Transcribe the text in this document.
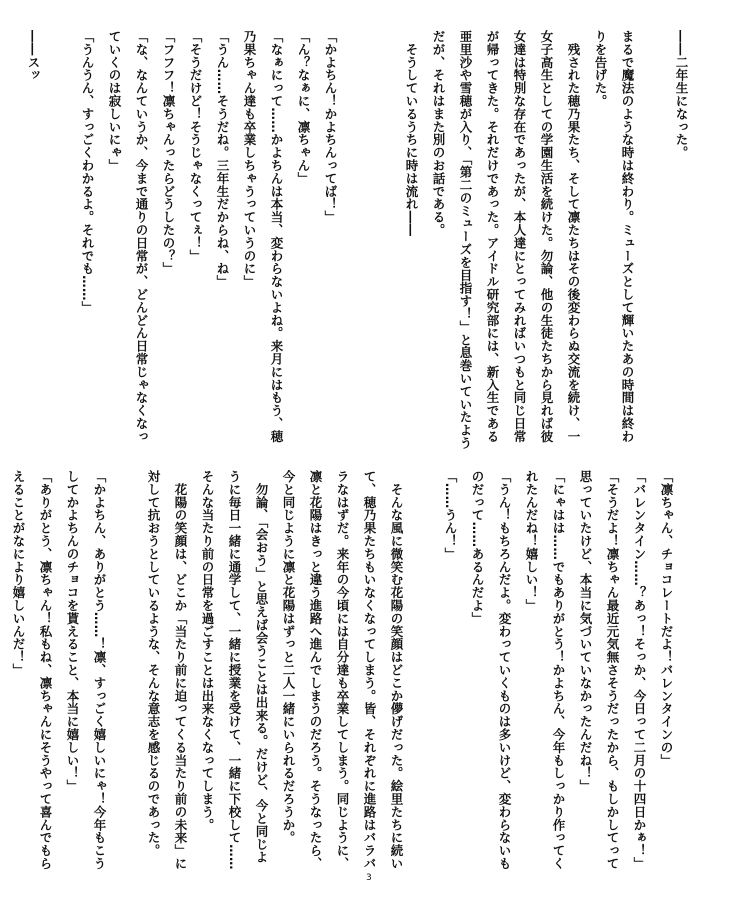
――二年生になった。

まるで魔法のような時は終わり。ミューズとして輝いたあの時間は終わりを告げた。
　残された穂乃果たち、そして凛たちはその後変わらぬ交流を続け、一女子高生としての学園生活を続けた。勿論、他の生徒たちから見れば彼女達は特別な存在であったが、本人達にとってみればいつもと同じ日常が帰ってきた。それだけであった。アイドル研究部には、新入生である亜里沙や雪穂が入り、「第二のミューズを目指す！」と息巻いていたようだが、それはまた別のお話である。
　そうしているうちに時は流れ――

「かよちん！かよちんってば！」
「ん？なぁに、凛ちゃん」
「なぁにって……かよちんは本当、変わらないよね。来月にはもう、穂乃果ちゃん達も卒業しちゃうっていうのに」
「うん……そうだね。三年生だからね、ね」
「そうだけど！そうじゃなくってぇ！」
「フフフ！凛ちゃんったらどうしたの？」
「な、なんていうか、今まで通りの日常が、どんどん日常じゃなくなっていくのは寂しいにゃ」
「うんうん、すっごくわかるよ。それでも……」

――スッ

「凛ちゃん、チョコレートだよ！バレンタインの」
「バレンタイン……？あっ！そっか、今日って二月の十四日かぁ！」
「そうだよ！凛ちゃん最近元気無さそうだったから、もしかしてって思っていたけど、本当に気づいていなかったんだね！」
「にゃはは……でもありがとう！かよちん、今年もしっかり作ってくれたんだね！嬉しい！」
「うん！もちろんだよ。変わっていくものは多いけど、変わらないものだって……あるんだよ」
「……うん！」

　そんな風に微笑む花陽の笑顔はどこか儚げだった。絵里たちに続いて、穂乃果たちもいなくなってしまう。皆、それぞれに進路はバラバラなはずだ。来年の今頃には自分達も卒業してしまう。同じように、凛と花陽はきっと違う進路へ進んでしまうのだろう。そうなったら、今と同じように凛と花陽はずっと二人一緒にいられるだろうか。
　勿論、「会おう」と思えば会うことは出来る。だけど、今と同じように毎日一緒に通学して、一緒に授業を受けて、一緒に下校して……そんな当たり前の日常を過ごすことは出来なくなってしまう。
　花陽の笑顔は、どこか「当たり前に迫ってくる当たり前の未来」に対して抗おうとしているような、そんな意志を感じるのであった。

「かよちん、ありがとう……！凛、すっごく嬉しいにゃ！今年もこうしてかよちんのチョコを貰えること、本当に嬉しい！」
「ありがとう、凛ちゃん！私もね、凛ちゃんにそうやって喜んでもらえることがなにより嬉しいんだ！」
3
